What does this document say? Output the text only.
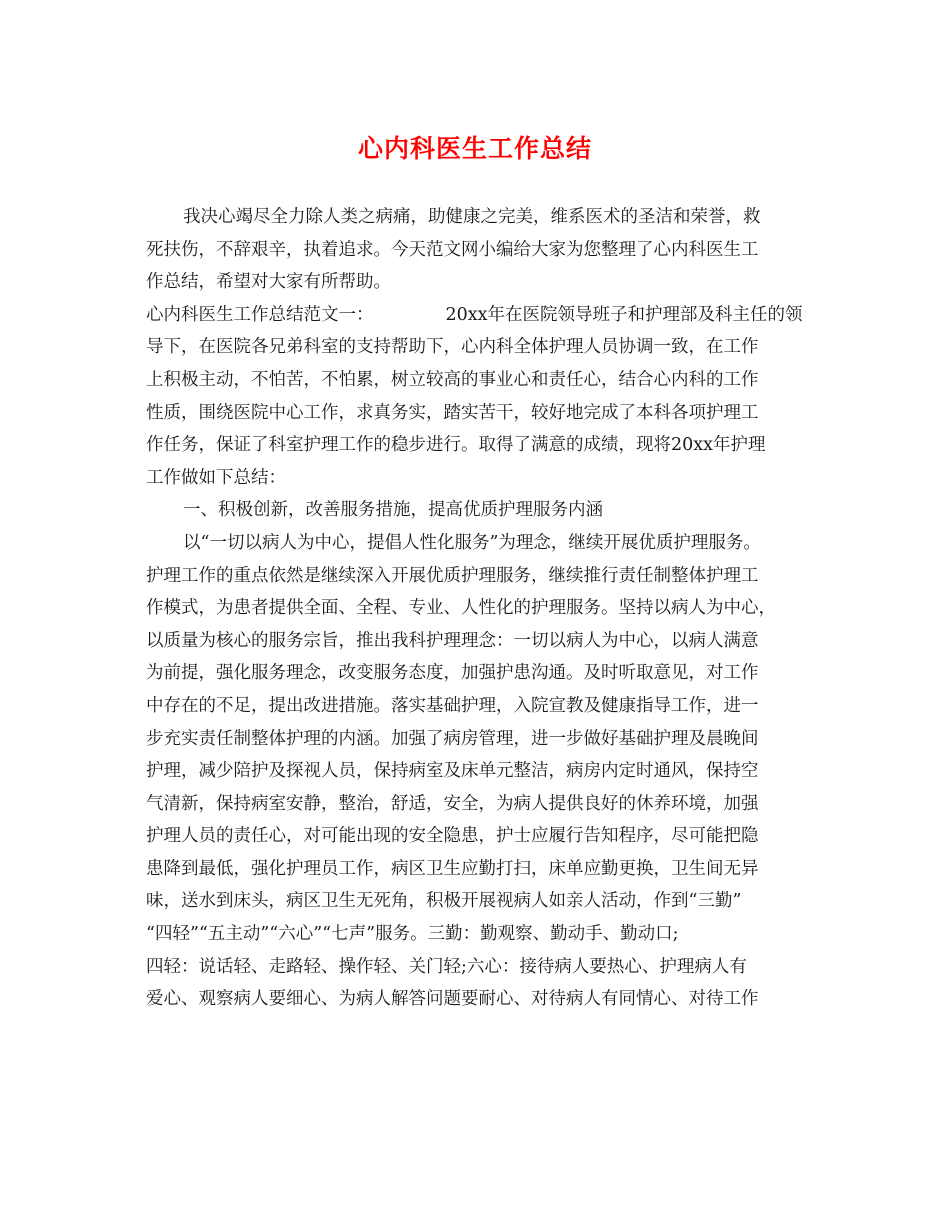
心内科医生工作总结
我决心竭尽全力除人类之病痛，助健康之完美，维系医术的圣洁和荣誉，救
死扶伤，不辞艰辛，执着追求。今天范文网小编给大家为您整理了心内科医生工
作总结，希望对大家有所帮助。
心内科医生工作总结范文一：	20xx年在医院领导班子和护理部及科主任的领
导下，在医院各兄弟科室的支持帮助下，心内科全体护理人员协调一致，在工作
上积极主动，不怕苦，不怕累，树立较高的事业心和责任心，结合心内科的工作
性质，围绕医院中心工作，求真务实，踏实苦干，较好地完成了本科各项护理工
作任务，保证了科室护理工作的稳步进行。取得了满意的成绩，现将20xx年护理
工作做如下总结：
一、积极创新，改善服务措施，提高优质护理服务内涵
以“一切以病人为中心，提倡人性化服务”为理念，继续开展优质护理服务。
护理工作的重点依然是继续深入开展优质护理服务，继续推行责任制整体护理工
作模式，为患者提供全面、全程、专业、人性化的护理服务。坚持以病人为中心，
以质量为核心的服务宗旨，推出我科护理理念：一切以病人为中心，以病人满意
为前提，强化服务理念，改变服务态度，加强护患沟通。及时听取意见，对工作
中存在的不足，提出改进措施。落实基础护理，入院宣教及健康指导工作，进一
步充实责任制整体护理的内涵。加强了病房管理，进一步做好基础护理及晨晚间
护理，减少陪护及探视人员，保持病室及床单元整洁，病房内定时通风，保持空
气清新，保持病室安静，整治，舒适，安全，为病人提供良好的休养环境，加强
护理人员的责任心，对可能出现的安全隐患，护士应履行告知程序，尽可能把隐
患降到最低，强化护理员工作，病区卫生应勤打扫，床单应勤更换，卫生间无异
味，送水到床头，病区卫生无死角，积极开展视病人如亲人活动，作到“三勤”
“四轻”“五主动”“六心”“七声”服务。三勤：勤观察、勤动手、勤动口;
四轻：说话轻、走路轻、操作轻、关门轻;六心：接待病人要热心、护理病人有
爱心、观察病人要细心、为病人解答问题要耐心、对待病人有同情心、对待工作
